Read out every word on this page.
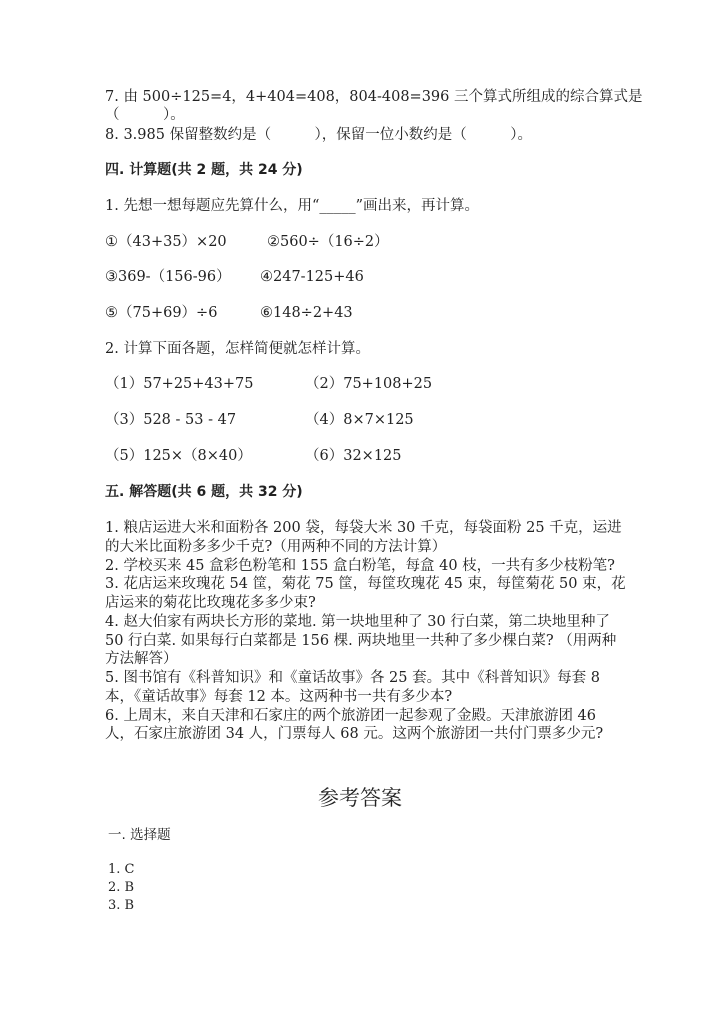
7. 由 500÷125=4，4+404=408，804-408=396 三个算式所组成的综合算式是
（　　　）。
8. 3.985 保留整数约是（　　　），保留一位小数约是（　　　）。
四. 计算题(共 2 题，共 24 分)
1. 先想一想每题应先算什么，用“_____”画出来，再计算。
①（43+35）×20	②560÷（16÷2）
③369-（156-96） ④247-125+46
⑤（75+69）÷6	⑥148÷2+43
2. 计算下面各题，怎样简便就怎样计算。
（1）57+25+43+75	（2）75+108+25
（3）528 - 53 - 47	（4）8×7×125
（5）125×（8×40）	（6）32×125
五. 解答题(共 6 题，共 32 分)
1. 粮店运进大米和面粉各 200 袋，每袋大米 30 千克，每袋面粉 25 千克，运进
的大米比面粉多多少千克?（用两种不同的方法计算）
2. 学校买来 45 盒彩色粉笔和 155 盒白粉笔，每盒 40 枝，一共有多少枝粉笔?
3. 花店运来玫瑰花 54 筐，菊花 75 筐，每筐玫瑰花 45 束，每筐菊花 50 束，花
店运来的菊花比玫瑰花多多少束?
4. 赵大伯家有两块长方形的菜地. 第一块地里种了 30 行白菜，第二块地里种了
50 行白菜. 如果每行白菜都是 156 棵. 两块地里一共种了多少棵白菜? （用两种
方法解答）
5. 图书馆有《科普知识》和《童话故事》各 25 套。其中《科普知识》每套 8
本，《童话故事》每套 12 本。这两种书一共有多少本?
6. 上周末，来自天津和石家庄的两个旅游团一起参观了金殿。天津旅游团 46
人，石家庄旅游团 34 人，门票每人 68 元。这两个旅游团一共付门票多少元?
参考答案
一. 选择题
1. C
2. B
3. B
